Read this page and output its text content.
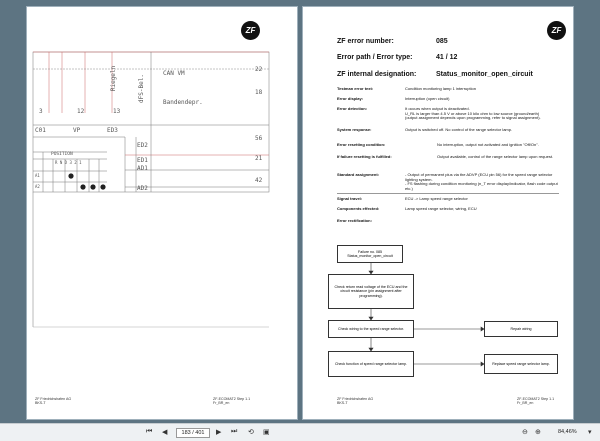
ZF
CAN VM
Riegeln
Bandendepr.
dFS-Bel.
C01	VP	ED3
ED2
ED1
AD1
AD2
POSITION
R N D 3 2 1
A1
A2
22
18
56
21
42
3	12	13
ZF Friedrichshafen AG
BKS-T
ZF-ECOMAT2 Step 1.1
Fr_BR_en
ZF
ZF error number:	085
Error path / Error type:	41 / 12
ZF internal designation:	Status_monitor_open_circuit
Testman error text:	Condition monitoring lamp 1 interruption
Error display:	Interruption (open circuit)
Error detection:	It occurs when output is deactivated.
U_RL is larger than 4.5 V or above 10 kilo ohm to low source (ground/earth)
(output assignment depends upon programming, refer to signal assignment).
System response:	Output is switched off. No control of the range selector lamp.
Error resetting condition:	No interruption, output not activated and ignition "Off/On".
If failure resetting is fulfilled:	Output available, control of the range selector lamp upon request.
Standard assignment:	- Output of permanent plus via the ADVP (ECU pin 56) for the speed range selector lighting system.
- FS flashing during condition monitoring (n_T error display/indicator, flash code output etc.)
Signal travel:	ECU -> Lamp speed range selector
Components effected:	Lamp speed range selector, wiring, ECU
Error rectification:
Failure no. 085
Status_monitor_open_circuit
Check return read voltage of the ECU and the circuit resistance (pin assignment after programming).
Check wiring to the speed range selector.	Repair wiring
Check function of speed range selector lamp.	Replace speed range selector lamp.
ZF Friedrichshafen AG
BKS-T
ZF-ECOMAT2 Step 1.1
Fr_BR_en
⏮ ◀	183 / 401	▶ ⏭ ⟲ ▣	⊖ ⊕	84,46% ▾
